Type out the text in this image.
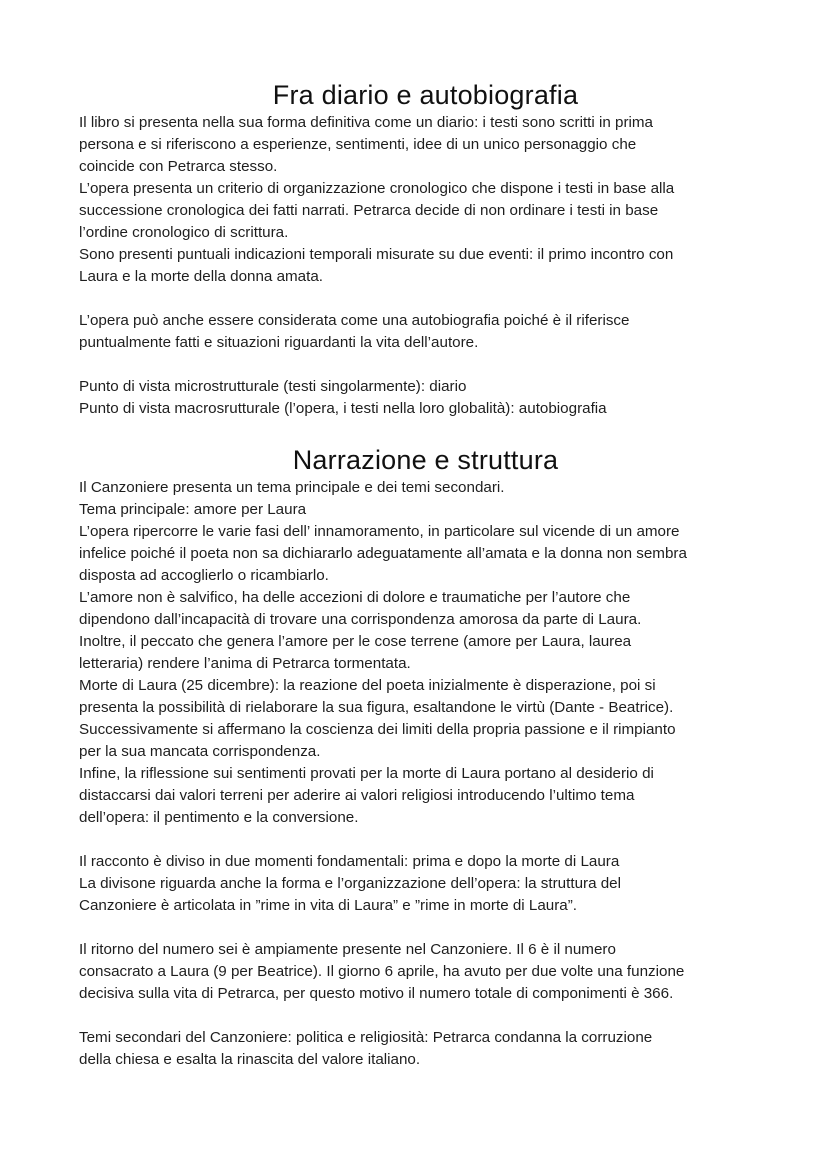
Fra diario e autobiografia
Il libro si presenta nella sua forma definitiva come un diario: i testi sono scritti in prima
persona e si riferiscono a esperienze, sentimenti, idee di un unico personaggio che
coincide con Petrarca stesso.
L’opera presenta un criterio di organizzazione cronologico che dispone i testi in base alla
successione cronologica dei fatti narrati. Petrarca decide di non ordinare i testi in base
l’ordine cronologico di scrittura.
Sono presenti puntuali indicazioni temporali misurate su due eventi: il primo incontro con
Laura e la morte della donna amata.
L’opera può anche essere considerata come una autobiografia poiché è il riferisce
puntualmente fatti e situazioni riguardanti la vita dell’autore.
Punto di vista microstrutturale (testi singolarmente): diario
Punto di vista macrosrutturale (l’opera, i testi nella loro globalità): autobiografia
Narrazione e struttura
Il Canzoniere presenta un tema principale e dei temi secondari.
Tema principale: amore per Laura
L’opera ripercorre le varie fasi dell’ innamoramento, in particolare sul vicende di un amore
infelice poiché il poeta non sa dichiararlo adeguatamente all’amata e la donna non sembra
disposta ad accoglierlo o ricambiarlo.
L’amore non è salvifico, ha delle accezioni di dolore e traumatiche per l’autore che
dipendono dall’incapacità di trovare una corrispondenza amorosa da parte di Laura.
Inoltre, il peccato che genera l’amore per le cose terrene (amore per Laura, laurea
letteraria) rendere l’anima di Petrarca tormentata.
Morte di Laura (25 dicembre): la reazione del poeta inizialmente è disperazione, poi si
presenta la possibilità di rielaborare la sua figura, esaltandone le virtù (Dante - Beatrice).
Successivamente si affermano la coscienza dei limiti della propria passione e il rimpianto
per la sua mancata corrispondenza.
Infine, la riflessione sui sentimenti provati per la morte di Laura portano al desiderio di
distaccarsi dai valori terreni per aderire ai valori religiosi introducendo l’ultimo tema
dell’opera: il pentimento e la conversione.
Il racconto è diviso in due momenti fondamentali: prima e dopo la morte di Laura
La divisone riguarda anche la forma e l’organizzazione dell’opera: la struttura del
Canzoniere è articolata in ”rime in vita di Laura” e ”rime in morte di Laura”.
Il ritorno del numero sei è ampiamente presente nel Canzoniere. Il 6 è il numero
consacrato a Laura (9 per Beatrice). Il giorno 6 aprile, ha avuto per due volte una funzione
decisiva sulla vita di Petrarca, per questo motivo il numero totale di componimenti è 366.
Temi secondari del Canzoniere: politica e religiosità: Petrarca condanna la corruzione
della chiesa e esalta la rinascita del valore italiano.
